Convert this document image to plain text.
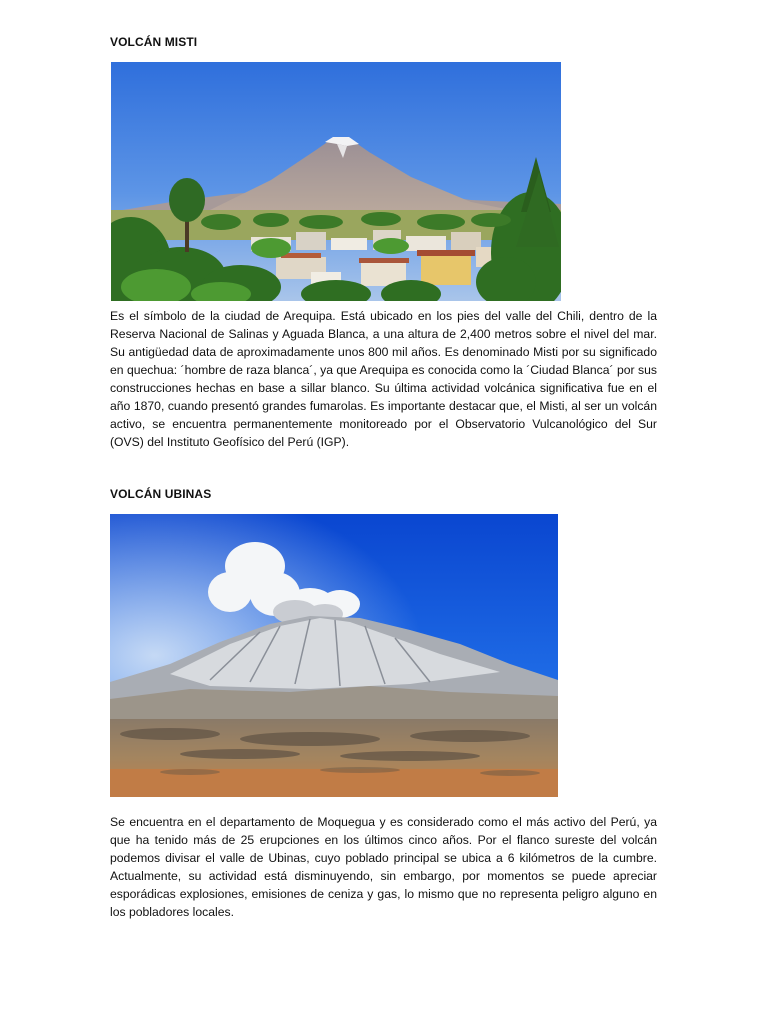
VOLCÁN MISTI

Es el símbolo de la ciudad de Arequipa. Está ubicado en los pies del valle del Chili, dentro de la Reserva Nacional de Salinas y Aguada Blanca, a una altura de 2,400 metros sobre el nivel del mar. Su antigüedad data de aproximadamente unos 800 mil años. Es denominado Misti por su significado en quechua: ´hombre de raza blanca´, ya que Arequipa es conocida como la ´Ciudad Blanca´ por sus construcciones hechas en base a sillar blanco. Su última actividad volcánica significativa fue en el año 1870, cuando presentó grandes fumarolas. Es importante destacar que, el Misti, al ser un volcán activo, se encuentra permanentemente monitoreado por el Observatorio Vulcanológico del Sur (OVS) del Instituto Geofísico del Perú (IGP).

VOLCÁN UBINAS

Se encuentra en el departamento de Moquegua y es considerado como el más activo del Perú, ya que ha tenido más de 25 erupciones en los últimos cinco años. Por el flanco sureste del volcán podemos divisar el valle de Ubinas, cuyo poblado principal se ubica a 6 kilómetros de la cumbre. Actualmente, su actividad está disminuyendo, sin embargo, por momentos se puede apreciar esporádicas explosiones, emisiones de ceniza y gas, lo mismo que no representa peligro alguno en los pobladores locales.
